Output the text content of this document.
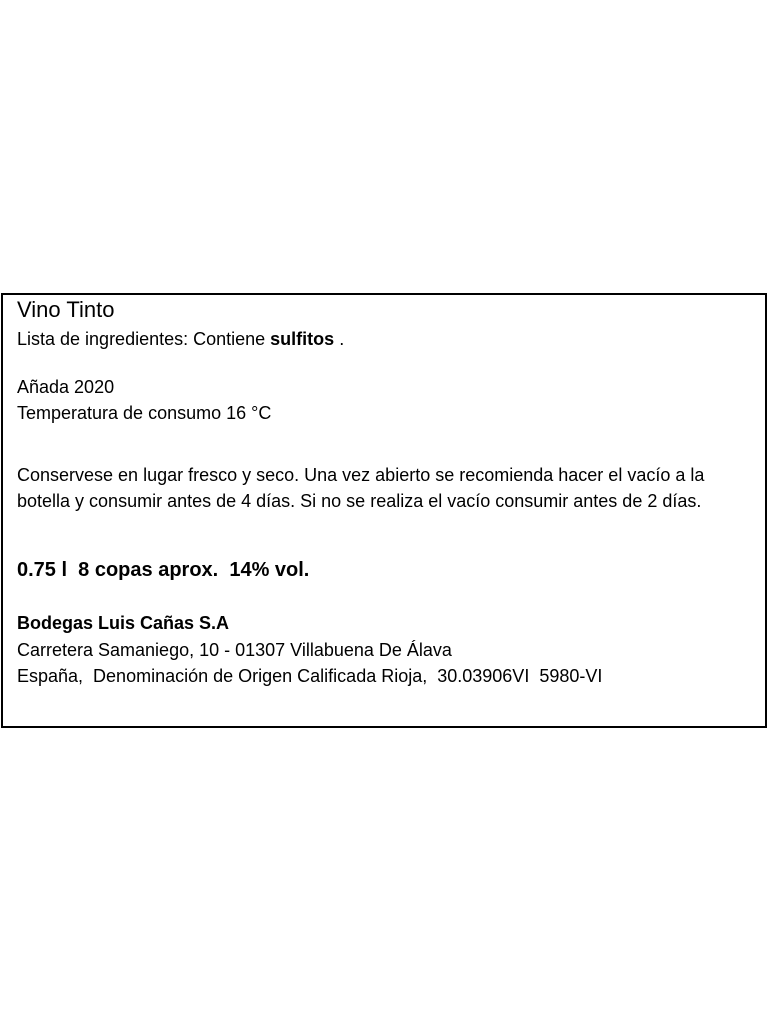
Vino Tinto
Lista de ingredientes: Contiene sulfitos .
Añada 2020
Temperatura de consumo 16 °C
Conservese en lugar fresco y seco. Una vez abierto se recomienda hacer el vacío a la botella y consumir antes de 4 días. Si no se realiza el vacío consumir antes de 2 días.
0.75 l  8 copas aprox.  14% vol.
Bodegas Luis Cañas S.A
Carretera Samaniego, 10 - 01307 Villabuena De Álava
España,  Denominación de Origen Calificada Rioja,  30.03906VI  5980-VI
